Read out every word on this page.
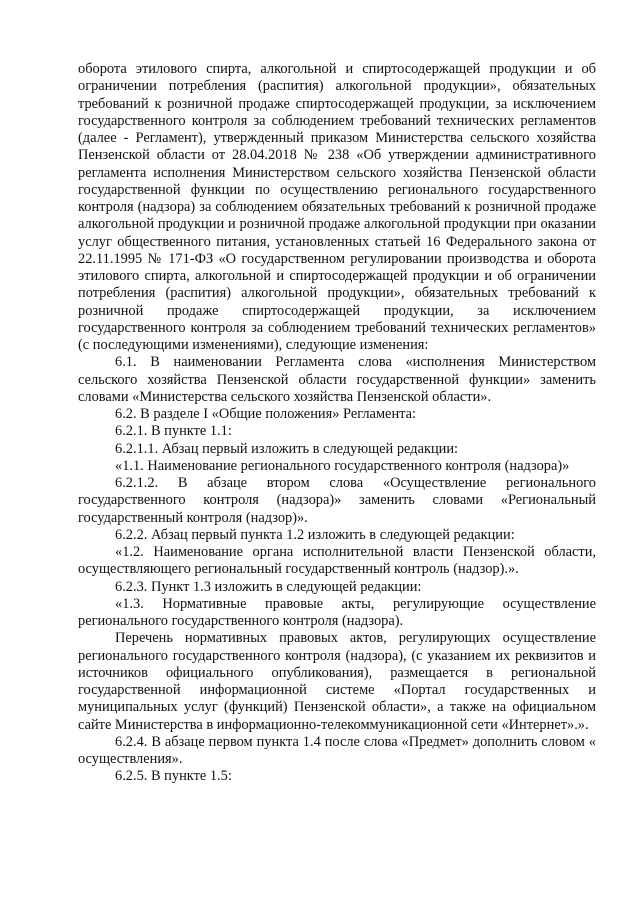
оборота этилового спирта, алкогольной и спиртосодержащей продукции и об ограничении потребления (распития) алкогольной продукции», обязательных требований к розничной продаже спиртосодержащей продукции, за исключением государственного контроля за соблюдением требований технических регламентов (далее - Регламент), утвержденный приказом Министерства сельского хозяйства Пензенской области от 28.04.2018 № 238 «Об утверждении административного регламента исполнения Министерством сельского хозяйства Пензенской области государственной функции по осуществлению регионального государственного контроля (надзора) за соблюдением обязательных требований к розничной продаже алкогольной продукции и розничной продаже алкогольной продукции при оказании услуг общественного питания, установленных статьей 16 Федерального закона от 22.11.1995 № 171-ФЗ «О государственном регулировании производства и оборота этилового спирта, алкогольной и спиртосодержащей продукции и об ограничении потребления (распития) алкогольной продукции», обязательных требований к розничной продаже спиртосодержащей продукции, за исключением государственного контроля за соблюдением требований технических регламентов» (с последующими изменениями), следующие изменения:

6.1. В наименовании Регламента слова «исполнения Министерством сельского хозяйства Пензенской области государственной функции» заменить словами «Министерства сельского хозяйства Пензенской области».

6.2. В разделе I «Общие положения» Регламента:

6.2.1. В пункте 1.1:

6.2.1.1. Абзац первый изложить в следующей редакции:

«1.1. Наименование регионального государственного контроля (надзора)»

6.2.1.2. В абзаце втором слова «Осуществление регионального государственного контроля (надзора)» заменить словами «Региональный государственный контроля (надзор)».

6.2.2. Абзац первый пункта 1.2 изложить в следующей редакции:

«1.2. Наименование органа исполнительной власти Пензенской области, осуществляющего региональный государственный контроль (надзор).».

6.2.3. Пункт 1.3 изложить в следующей редакции:

«1.3. Нормативные правовые акты, регулирующие осуществление регионального государственного контроля (надзора).

Перечень нормативных правовых актов, регулирующих осуществление регионального государственного контроля (надзора), (с указанием их реквизитов и источников официального опубликования), размещается в региональной государственной информационной системе «Портал государственных и муниципальных услуг (функций) Пензенской области», а также на официальном сайте Министерства в информационно-телекоммуникационной сети «Интернет».».

6.2.4. В абзаце первом пункта 1.4 после слова «Предмет» дополнить словом « осуществления».

6.2.5. В пункте 1.5:
